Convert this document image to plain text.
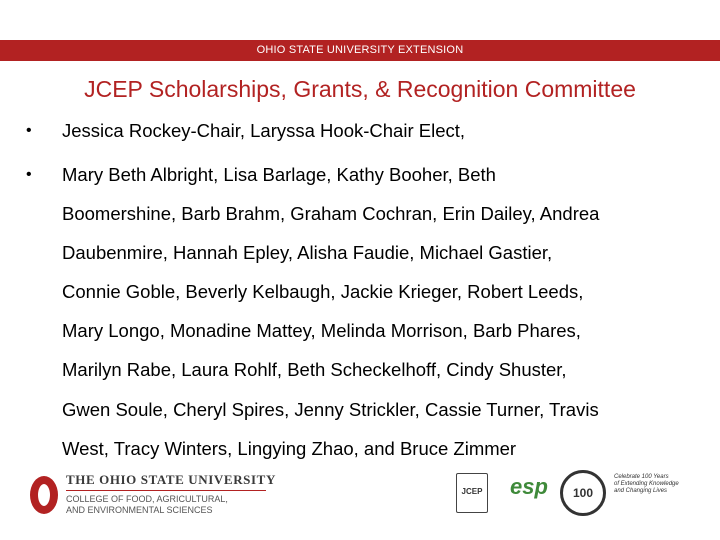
OHIO STATE UNIVERSITY EXTENSION
JCEP Scholarships, Grants, & Recognition Committee
• Jessica Rockey-Chair, Laryssa Hook-Chair Elect,
• Mary Beth Albright, Lisa Barlage, Kathy Booher, Beth
Boomershine, Barb Brahm, Graham Cochran, Erin Dailey, Andrea
Daubenmire, Hannah Epley, Alisha Faudie, Michael Gastier,
Connie Goble, Beverly Kelbaugh, Jackie Krieger, Robert Leeds,
Mary Longo, Monadine Mattey, Melinda Morrison, Barb Phares,
Marilyn Rabe, Laura Rohlf, Beth Scheckelhoff, Cindy Shuster,
Gwen Soule, Cheryl Spires, Jenny Strickler, Cassie Turner, Travis
West, Tracy Winters, Lingying Zhao, and Bruce Zimmer
THE OHIO STATE UNIVERSITY
COLLEGE OF FOOD, AGRICULTURAL,
AND ENVIRONMENTAL SCIENCES
JCEP esp	100
Celebrate 100 Years
of Extending Knowledge
and Changing Lives
